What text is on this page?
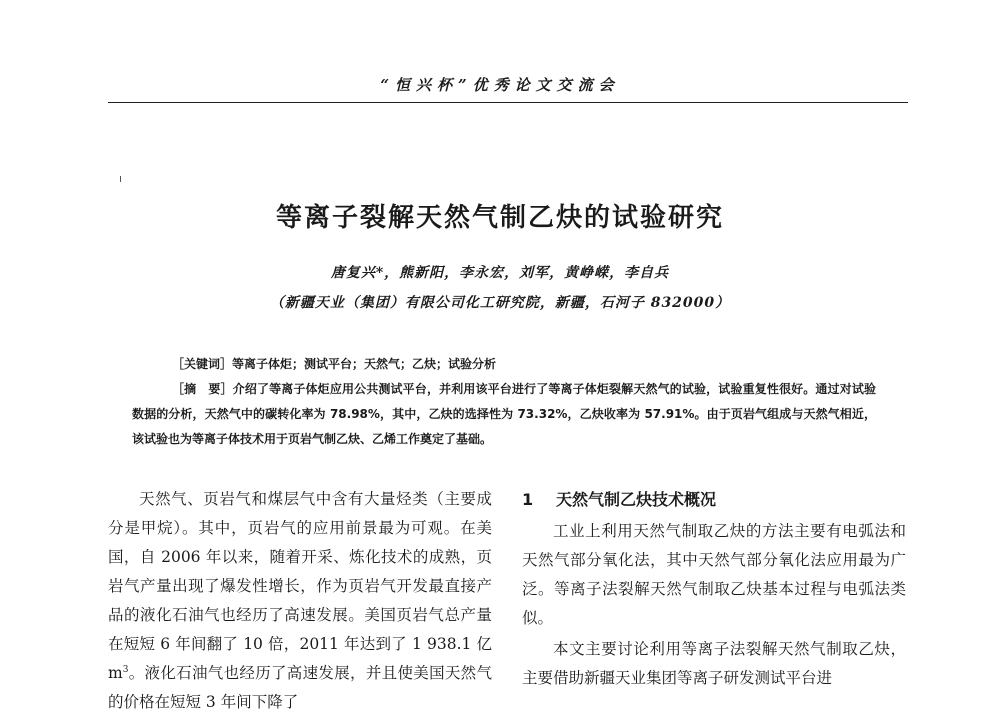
“恒兴杯”优秀论文交流会
等离子裂解天然气制乙炔的试验研究
唐复兴*，熊新阳，李永宏，刘军，黄峥嵘，李自兵
（新疆天业（集团）有限公司化工研究院，新疆，石河子 832000）
［关键词］等离子体炬；测试平台；天然气；乙炔；试验分析
［摘　要］介绍了等离子体炬应用公共测试平台，并利用该平台进行了等离子体炬裂解天然气的试验，试验重复性很好。通过对试验数据的分析，天然气中的碳转化率为 78.98%，其中，乙炔的选择性为 73.32%，乙炔收率为 57.91%。由于页岩气组成与天然气相近，该试验也为等离子体技术用于页岩气制乙炔、乙烯工作奠定了基础。

天然气、页岩气和煤层气中含有大量烃类（主要成分是甲烷）。其中，页岩气的应用前景最为可观。在美国，自 2006 年以来，随着开采、炼化技术的成熟，页岩气产量出现了爆发性增长，作为页岩气开发最直接产品的液化石油气也经历了高速发展。美国页岩气总产量在短短 6 年间翻了 10 倍，2011 年达到了 1 938.1 亿 $m^3$。液化石油气也经历了高速发展，并且使美国天然气的价格在短短 3 年间下降了

1 天然气制乙炔技术概况

工业上利用天然气制取乙炔的方法主要有电弧法和天然气部分氧化法，其中天然气部分氧化法应用最为广泛。等离子法裂解天然气制取乙炔基本过程与电弧法类似。

本文主要讨论利用等离子法裂解天然气制取乙炔，主要借助新疆天业集团等离子研发测试平台进
